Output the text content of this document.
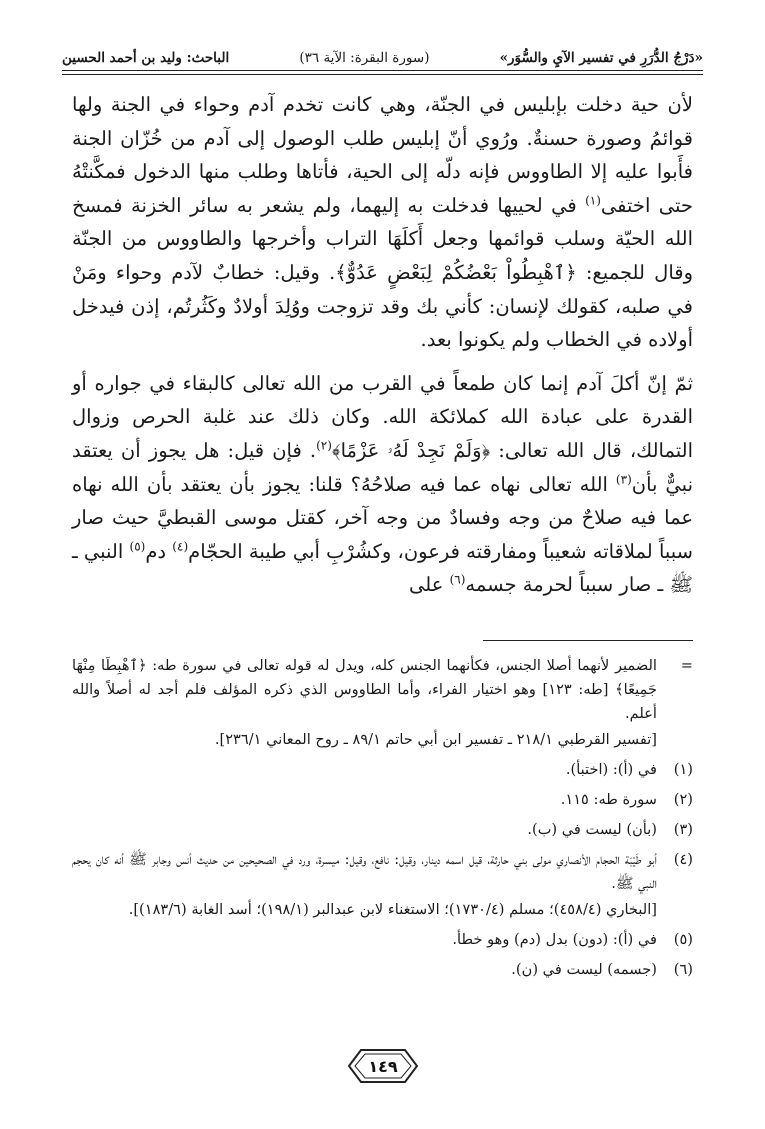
«دَرْجُ الدُّرَرِ في تفسير الآيِ والسُّوَر»
(سورة البقرة: الآية ٣٦)
الباحث: وليد بن أحمد الحسين

لأن حية دخلت بإبليس في الجنّة، وهي كانت تخدم آدم وحواء في الجنة ولها قوائمُ وصورة حسنةٌ. ورُوي أنّ إبليس طلب الوصول إلى آدم من خُزّان الجنة فأَبوا عليه إلا الطاووس فإنه دلّه إلى الحية، فأتاها وطلب منها الدخول فمكَّنتْهُ حتى اختفى$^{(١)}$ في لحييها فدخلت به إليهما، ولم يشعر به سائر الخزنة فمسخ الله الحيّة وسلب قوائمها وجعل أَكلَهَا التراب وأخرجها والطاووس من الجنّة وقال للجميع: ﴿ٱهْبِطُواْ بَعْضُكُمْ لِبَعْضٍ عَدُوٌّ﴾. وقيل: خطابٌ لآدم وحواء ومَنْ في صلبه، كقولك لإنسان: كأني بك وقد تزوجت ووُلِدَ أولادٌ وكَثُرتُم، إذن فيدخل أولاده في الخطاب ولم يكونوا بعد.

ثمّ إنّ أكلَ آدم إنما كان طمعاً في القرب من الله تعالى كالبقاء في جواره أو القدرة على عبادة الله كملائكة الله. وكان ذلك عند غلبة الحرص وزوال التمالك، قال الله تعالى: ﴿وَلَمْ نَجِدْ لَهُۥ عَزْمًا﴾$^{(٢)}$. فإن قيل: هل يجوز أن يعتقد نبيٌّ بأن$^{(٣)}$ الله تعالى نهاه عما فيه صلاحُهُ؟ قلنا: يجوز بأن يعتقد بأن الله نهاه عما فيه صلاحٌ من وجه وفسادٌ من وجه آخر، كقتل موسى القبطيَّ حيث صار سبباً لملاقاته شعيباً ومفارقته فرعون، وكشُرْبِ أبي طيبة الحجّام$^{(٤)}$ دم$^{(٥)}$ النبي ـ ﷺ ـ صار سبباً لحرمة جسمه$^{(٦)}$ على

=
الضمير لأنهما أصلا الجنس، فكأنهما الجنس كله، ويدل له قوله تعالى في سورة طه: ﴿ٱهْبِطَا مِنْهَا جَمِيعًا﴾ [طه: ١٢٣] وهو اختيار الفراء، وأما الطاووس الذي ذكره المؤلف فلم أجد له أصلاً والله أعلم.
[تفسير القرطبي ٢١٨/١ ـ تفسير ابن أبي حاتم ٨٩/١ ـ روح المعاني ٢٣٦/١].
(١)
في (أ): (اختبأ).
(٢)
سورة طه: ١١٥.
(٣)
(بأن) ليست في (ب).
(٤)
أبو طَيْبَة الحجام الأنصاري مولى بني حارثة، قيل اسمه دينار، وقيل: نافع، وقيل: ميسرة، ورد في الصحيحين من حديث أنس وجابر ﷺ أنه كان يحجم النبي ﷺ.
[البخاري (٤٥٨/٤)؛ مسلم (١٧٣٠/٤)؛ الاستغناء لابن عبدالبر (١٩٨/١)؛ أسد الغابة (١٨٣/٦)].
(٥)
في (أ): (دون) بدل (دم) وهو خطأ.
(٦)
(جسمه) ليست في (ن).
١٤٩
